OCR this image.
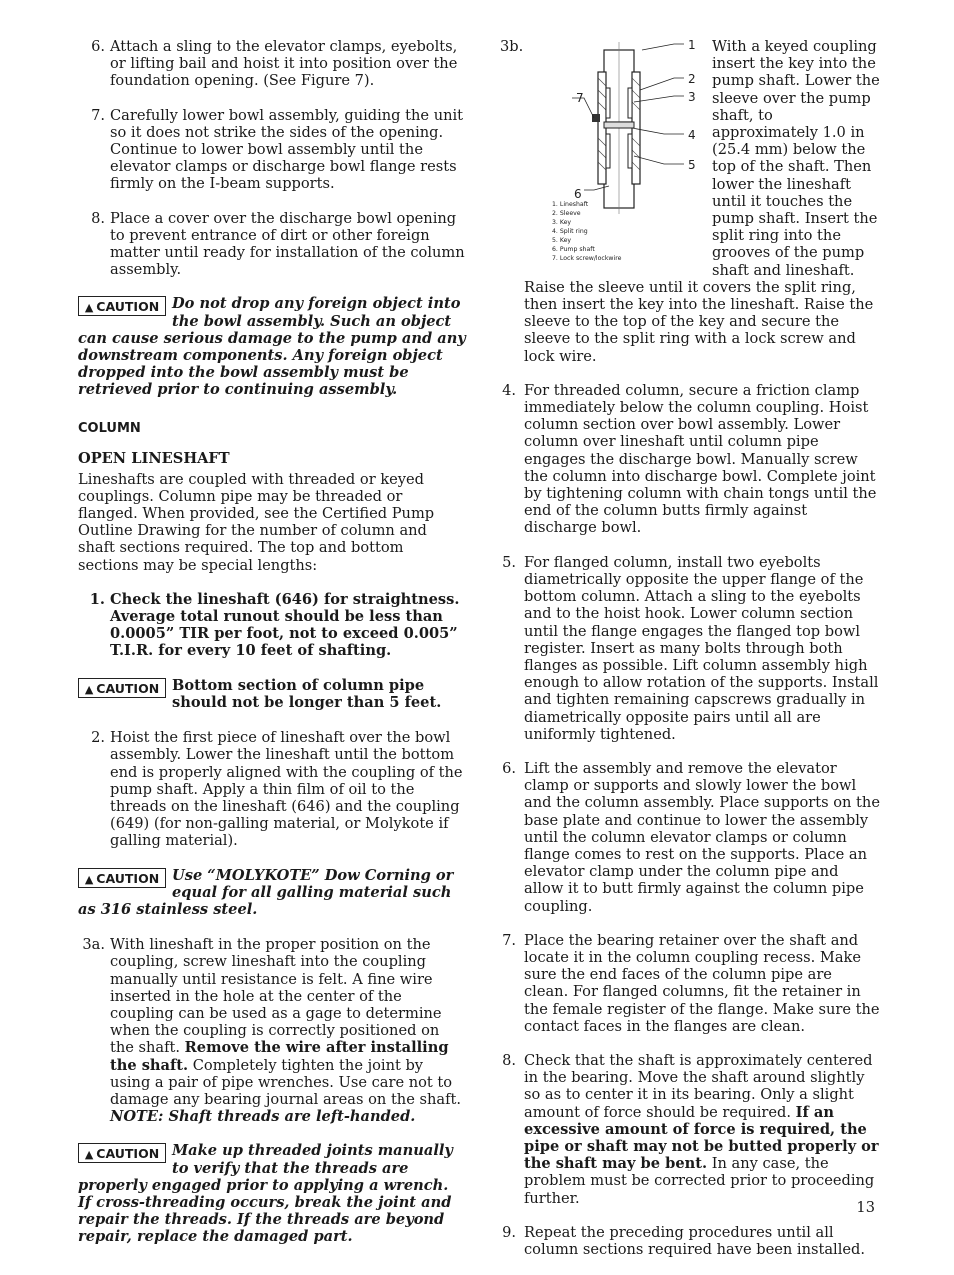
6. Attach a sling to the elevator clamps, eyebolts, or lifting bail and hoist it into position over the foundation opening. (See Figure 7).
7. Carefully lower bowl assembly, guiding the unit so it does not strike the sides of the opening. Continue to lower bowl assembly until the elevator clamps or discharge bowl flange rests firmly on the I-beam supports.
8. Place a cover over the discharge bowl opening to prevent entrance of dirt or other foreign matter until ready for installation of the column assembly.
▲ CAUTION Do not drop any foreign object into the bowl assembly. Such an object can cause serious damage to the pump and any downstream components. Any foreign object dropped into the bowl assembly must be retrieved prior to continuing assembly.
COLUMN
OPEN LINESHAFT

Lineshafts are coupled with threaded or keyed couplings. Column pipe may be threaded or flanged. When provided, see the Certified Pump Outline Drawing for the number of column and shaft sections required. The top and bottom sections may be special lengths:

1. Check the lineshaft (646) for straightness. Average total runout should be less than 0.0005” TIR per foot, not to exceed 0.005” T.I.R. for every 10 feet of shafting.
▲ CAUTION Bottom section of column pipe should not be longer than 5 feet.
2. Hoist the first piece of lineshaft over the bowl assembly. Lower the lineshaft until the bottom end is properly aligned with the coupling of the pump shaft. Apply a thin film of oil to the threads on the lineshaft (646) and the coupling (649) (for non-galling material, or Molykote if galling material).
▲ CAUTION Use “MOLYKOTE” Dow Corning or equal for all galling material such as 316 stainless steel.
3a. With lineshaft in the proper position on the coupling, screw lineshaft into the coupling manually until resistance is felt. A fine wire inserted in the hole at the center of the coupling can be used as a gage to determine when the coupling is correctly positioned on the shaft. Remove the wire after installing the shaft. Completely tighten the joint by using a pair of pipe wrenches. Use care not to damage any bearing journal areas on the shaft. NOTE: Shaft threads are left-handed.
▲ CAUTION Make up threaded joints manually to verify that the threads are properly engaged prior to applying a wrench. If cross-threading occurs, break the joint and repair the threads. If the threads are beyond repair, replace the damaged part.
3b.	1
2
3
4
5
6
7
1. Lineshaft
2. Sleeve
3. Key
4. Split ring
5. Key
6. Pump shaft
7. Lock screw/lockwire
With a keyed coupling insert the key into the pump shaft. Lower the sleeve over the pump shaft, to approximately 1.0 in (25.4 mm) below the top of the shaft. Then lower the lineshaft until it touches the pump shaft. Insert the split ring into the grooves of the pump shaft and lineshaft. Raise the sleeve until it covers the split ring, then insert the key into the lineshaft. Raise the sleeve to the top of the key and secure the sleeve to the split ring with a lock screw and lock wire.
4. For threaded column, secure a friction clamp immediately below the column coupling. Hoist column section over bowl assembly. Lower column over lineshaft until column pipe engages the discharge bowl. Manually screw the column into discharge bowl. Complete joint by tightening column with chain tongs until the end of the column butts firmly against discharge bowl.
5. For flanged column, install two eyebolts diametrically opposite the upper flange of the bottom column. Attach a sling to the eyebolts and to the hoist hook. Lower column section until the flange engages the flanged top bowl register. Insert as many bolts through both flanges as possible. Lift column assembly high enough to allow rotation of the supports. Install and tighten remaining capscrews gradually in diametrically opposite pairs until all are uniformly tightened.
6. Lift the assembly and remove the elevator clamp or supports and slowly lower the bowl and the column assembly. Place supports on the base plate and continue to lower the assembly until the column elevator clamps or column flange comes to rest on the supports. Place an elevator clamp under the column pipe and allow it to butt firmly against the column pipe coupling.
7. Place the bearing retainer over the shaft and locate it in the column coupling recess. Make sure the end faces of the column pipe are clean. For flanged columns, fit the retainer in the female register of the flange. Make sure the contact faces in the flanges are clean.
8. Check that the shaft is approximately centered in the bearing. Move the shaft around slightly so as to center it in its bearing. Only a slight amount of force should be required. If an excessive amount of force is required, the pipe or shaft may not be butted properly or the shaft may be bent. In any case, the problem must be corrected prior to proceeding further.
9. Repeat the preceding procedures until all column sections required have been installed.
13
